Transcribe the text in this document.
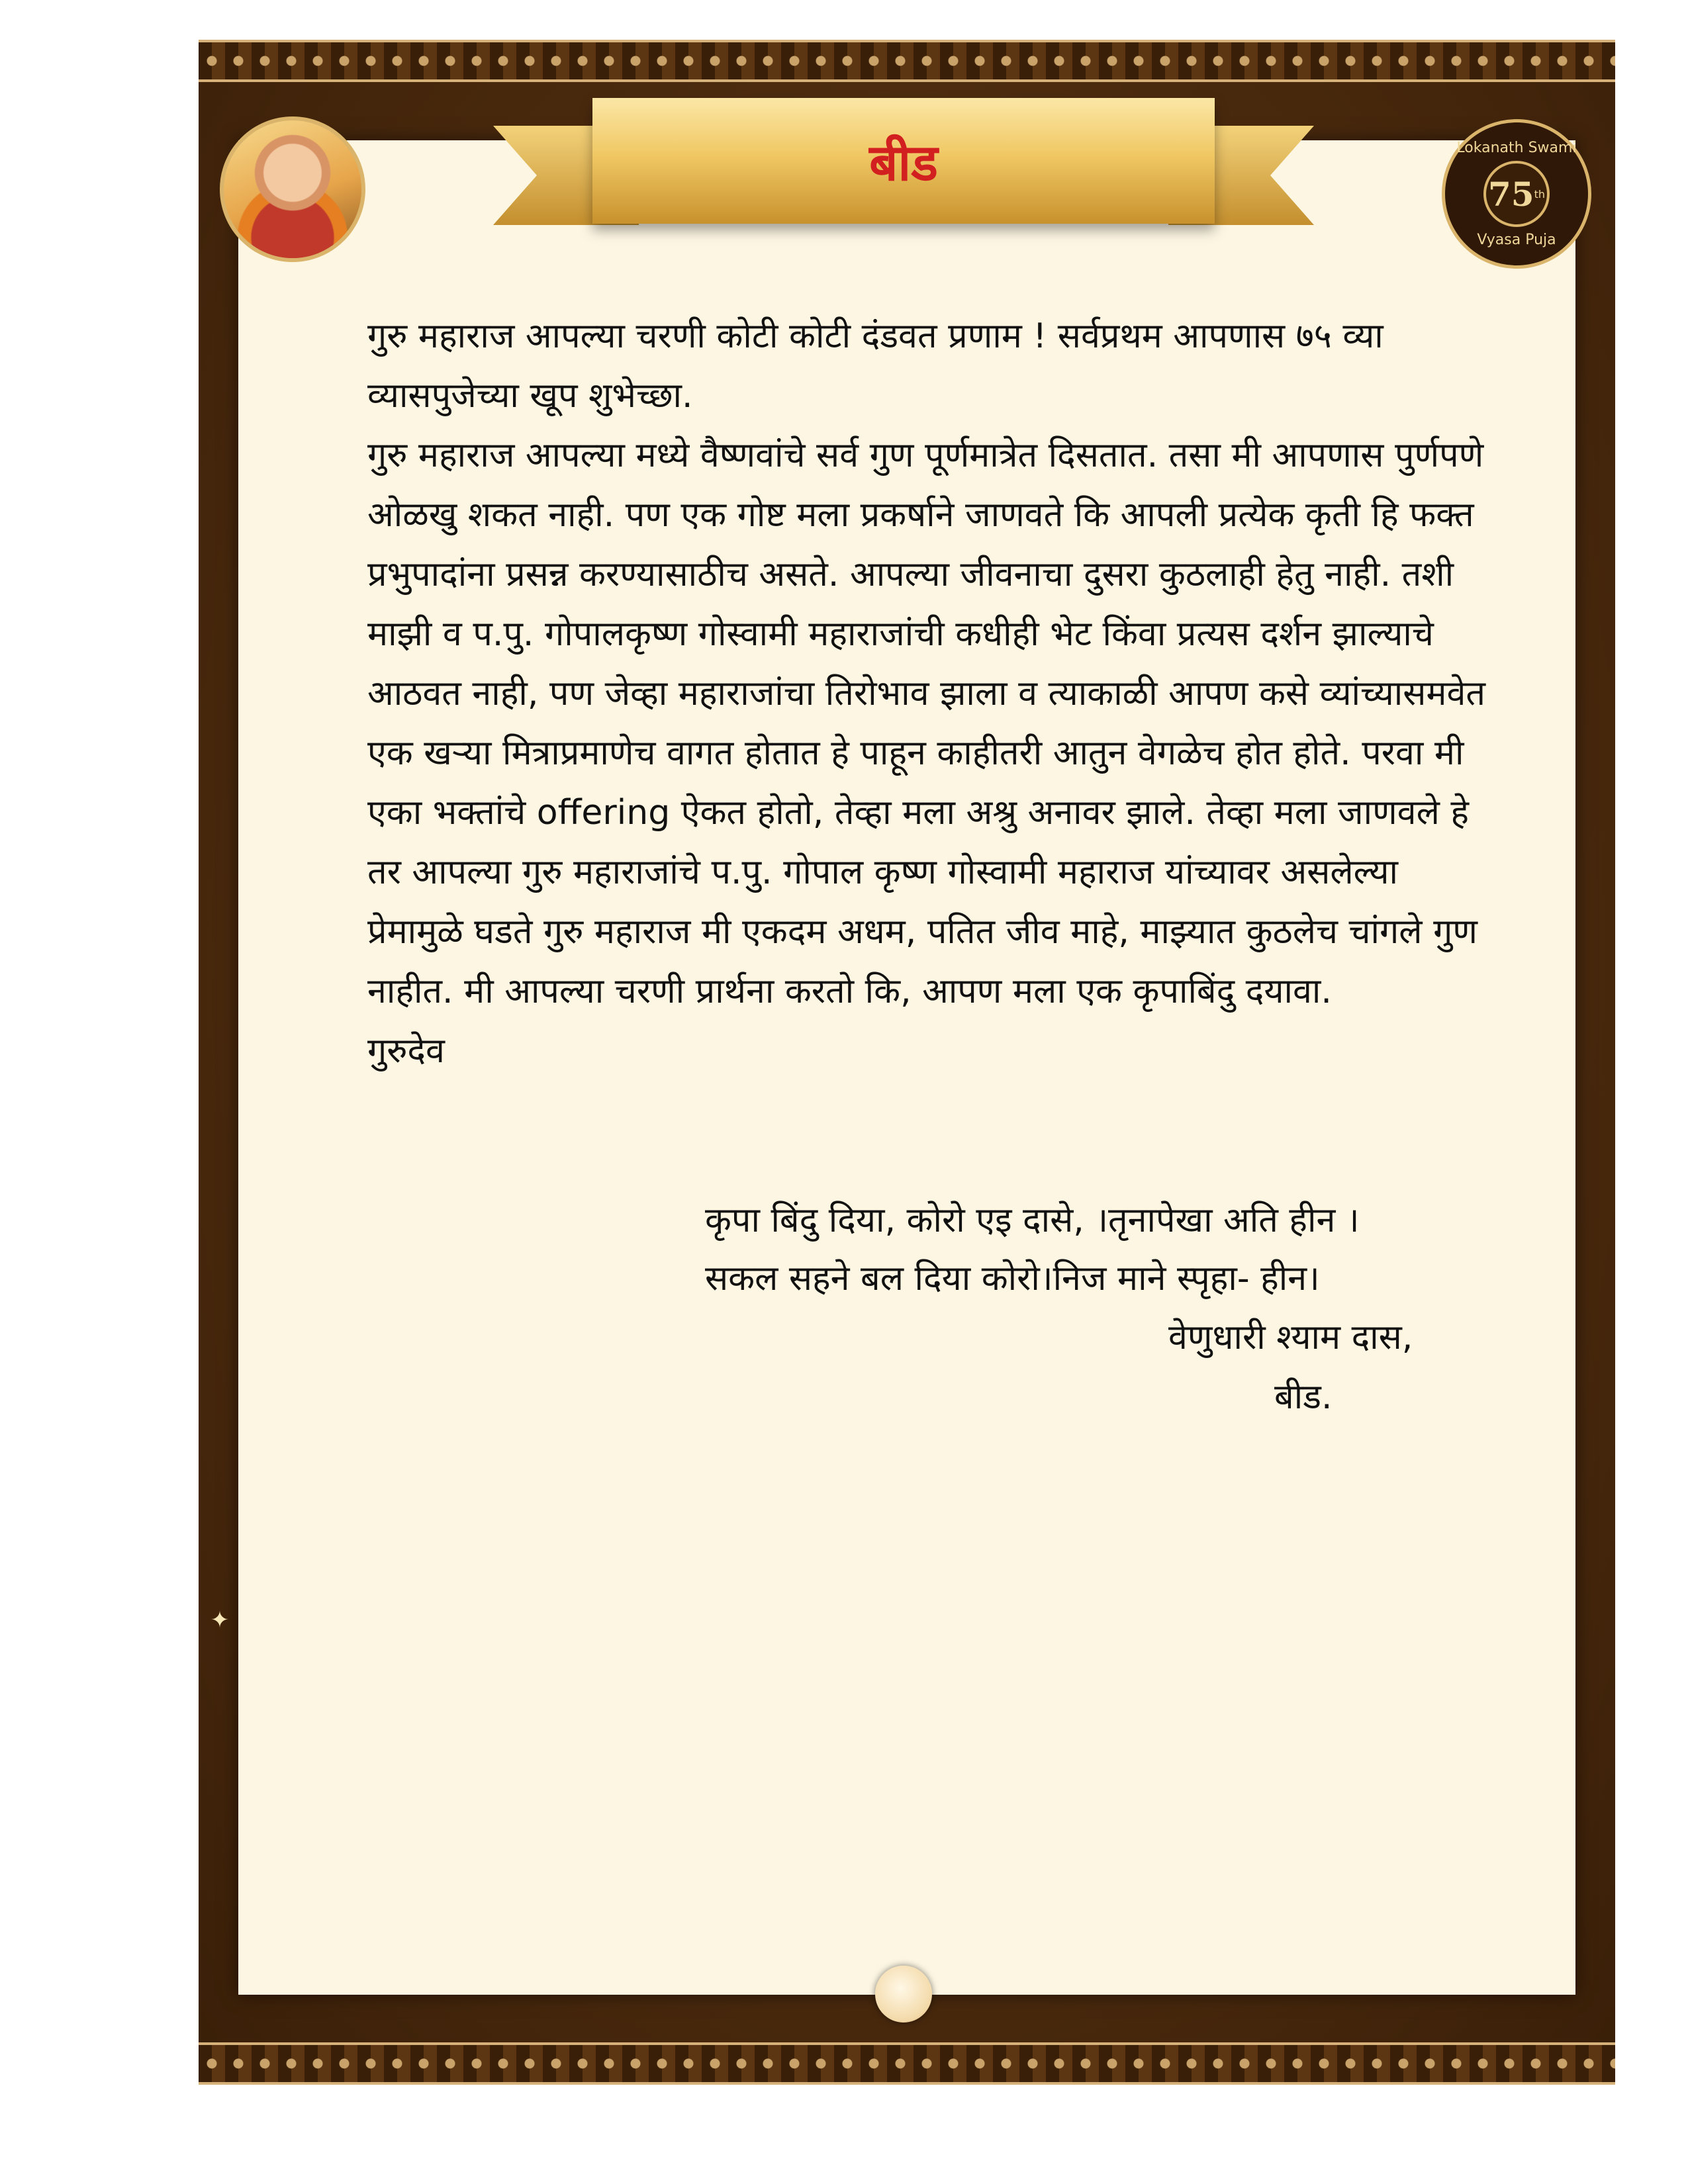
✦
बीड	Lokanath Swami
75 th
Vyasa Puja

गुरु महाराज आपल्या चरणी कोटी कोटी दंडवत प्रणाम ! सर्वप्रथम आपणास ७५ व्या व्यासपुजेच्या खूप शुभेच्छा.

गुरु महाराज आपल्या मध्ये वैष्णवांचे सर्व गुण पूर्णमात्रेत दिसतात. तसा मी आपणास पुर्णपणे ओळखु शकत नाही. पण एक गोष्ट मला प्रकर्षाने जाणवते कि आपली प्रत्येक कृती हि फक्त प्रभुपादांना प्रसन्न करण्यासाठीच असते. आपल्या जीवनाचा दुसरा कुठलाही हेतु नाही. तशी माझी व प.पु. गोपालकृष्ण गोस्वामी महाराजांची कधीही भेट किंवा प्रत्यस दर्शन झाल्याचे आठवत नाही, पण जेव्हा महाराजांचा तिरोभाव झाला व त्याकाळी आपण कसे व्यांच्यासमवेत एक खऱ्या मित्राप्रमाणेच वागत होतात हे पाहून काहीतरी आतुन वेगळेच होत होते. परवा मी एका भक्तांचे offering ऐकत होतो, तेव्हा मला अश्रु अनावर झाले. तेव्हा मला जाणवले हे तर आपल्या गुरु महाराजांचे प.पु. गोपाल कृष्ण गोस्वामी महाराज यांच्यावर असलेल्या प्रेमामुळे घडते गुरु महाराज मी एकदम अधम, पतित जीव माहे, माझ्यात कुठलेच चांगले गुण नाहीत. मी आपल्या चरणी प्रार्थना करतो कि, आपण मला एक कृपाबिंदु दयावा.

गुरुदेव

कृपा बिंदु दिया, कोरो एइ दासे, ।तृनापेखा अति हीन ।
सकल सहने बल दिया कोरो।निज माने स्पृहा- हीन।
वेणुधारी श्याम दास,
बीड.
